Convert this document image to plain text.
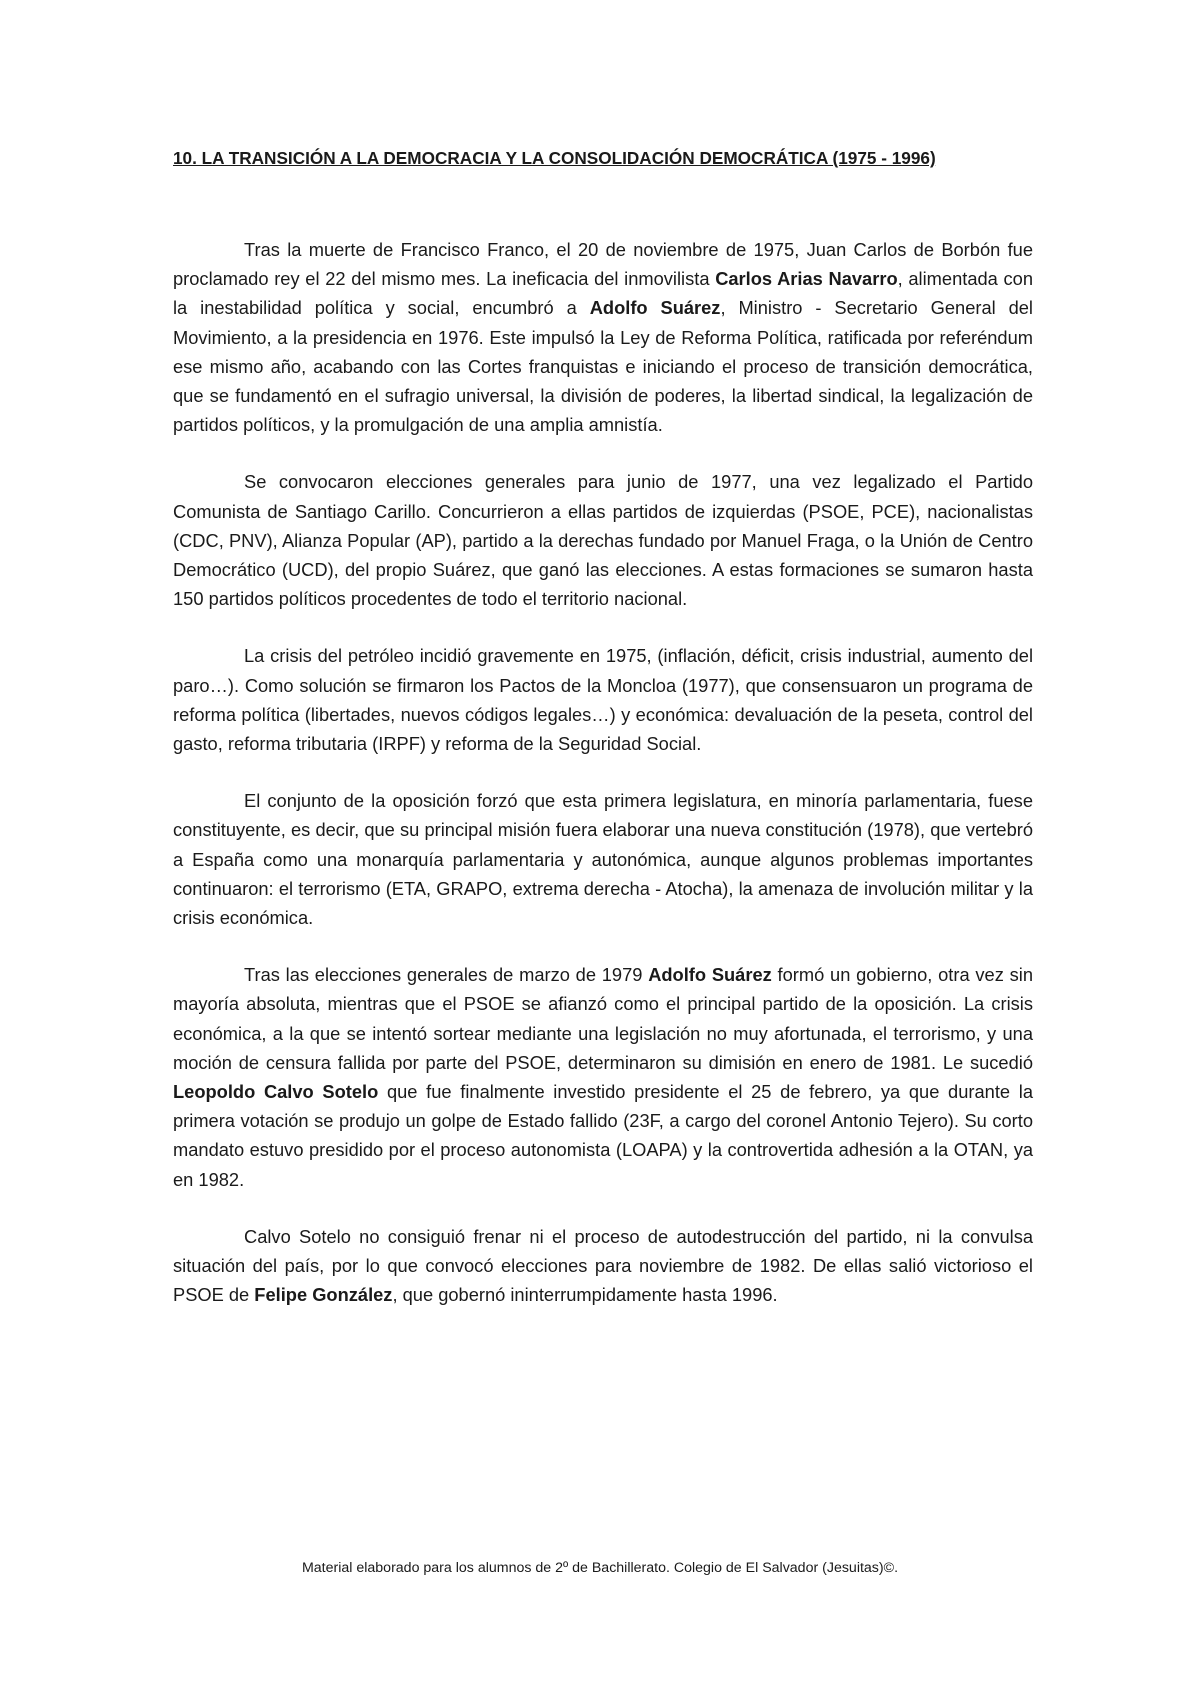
10. LA TRANSICIÓN A LA DEMOCRACIA Y LA CONSOLIDACIÓN DEMOCRÁTICA (1975 - 1996)

Tras la muerte de Francisco Franco, el 20 de noviembre de 1975, Juan Carlos de Borbón fue proclamado rey el 22 del mismo mes. La ineficacia del inmovilista Carlos Arias Navarro, alimentada con la inestabilidad política y social, encumbró a Adolfo Suárez, Ministro - Secretario General del Movimiento, a la presidencia en 1976. Este impulsó la Ley de Reforma Política, ratificada por referéndum ese mismo año, acabando con las Cortes franquistas e iniciando el proceso de transición democrática, que se fundamentó en el sufragio universal, la división de poderes, la libertad sindical, la legalización de partidos políticos, y la promulgación de una amplia amnistía.

Se convocaron elecciones generales para junio de 1977, una vez legalizado el Partido Comunista de Santiago Carillo. Concurrieron a ellas partidos de izquierdas (PSOE, PCE), nacionalistas (CDC, PNV), Alianza Popular (AP), partido a la derechas fundado por Manuel Fraga, o la Unión de Centro Democrático (UCD), del propio Suárez, que ganó las elecciones. A estas formaciones se sumaron hasta 150 partidos políticos procedentes de todo el territorio nacional.

La crisis del petróleo incidió gravemente en 1975, (inflación, déficit, crisis industrial, aumento del paro…). Como solución se firmaron los Pactos de la Moncloa (1977), que consensuaron un programa de reforma política (libertades, nuevos códigos legales…) y económica: devaluación de la peseta, control del gasto, reforma tributaria (IRPF) y reforma de la Seguridad Social.

El conjunto de la oposición forzó que esta primera legislatura, en minoría parlamentaria, fuese constituyente, es decir, que su principal misión fuera elaborar una nueva constitución (1978), que vertebró a España como una monarquía parlamentaria y autonómica, aunque algunos problemas importantes continuaron: el terrorismo (ETA, GRAPO, extrema derecha - Atocha), la amenaza de involución militar y la crisis económica.

Tras las elecciones generales de marzo de 1979 Adolfo Suárez formó un gobierno, otra vez sin mayoría absoluta, mientras que el PSOE se afianzó como el principal partido de la oposición. La crisis económica, a la que se intentó sortear mediante una legislación no muy afortunada, el terrorismo, y una moción de censura fallida por parte del PSOE, determinaron su dimisión en enero de 1981. Le sucedió Leopoldo Calvo Sotelo que fue finalmente investido presidente el 25 de febrero, ya que durante la primera votación se produjo un golpe de Estado fallido (23F, a cargo del coronel Antonio Tejero). Su corto mandato estuvo presidido por el proceso autonomista (LOAPA) y la controvertida adhesión a la OTAN, ya en 1982.

Calvo Sotelo no consiguió frenar ni el proceso de autodestrucción del partido, ni la convulsa situación del país, por lo que convocó elecciones para noviembre de 1982. De ellas salió victorioso el PSOE de Felipe González, que gobernó ininterrumpidamente hasta 1996.

Material elaborado para los alumnos de 2º de Bachillerato. Colegio de El Salvador (Jesuitas)©.
